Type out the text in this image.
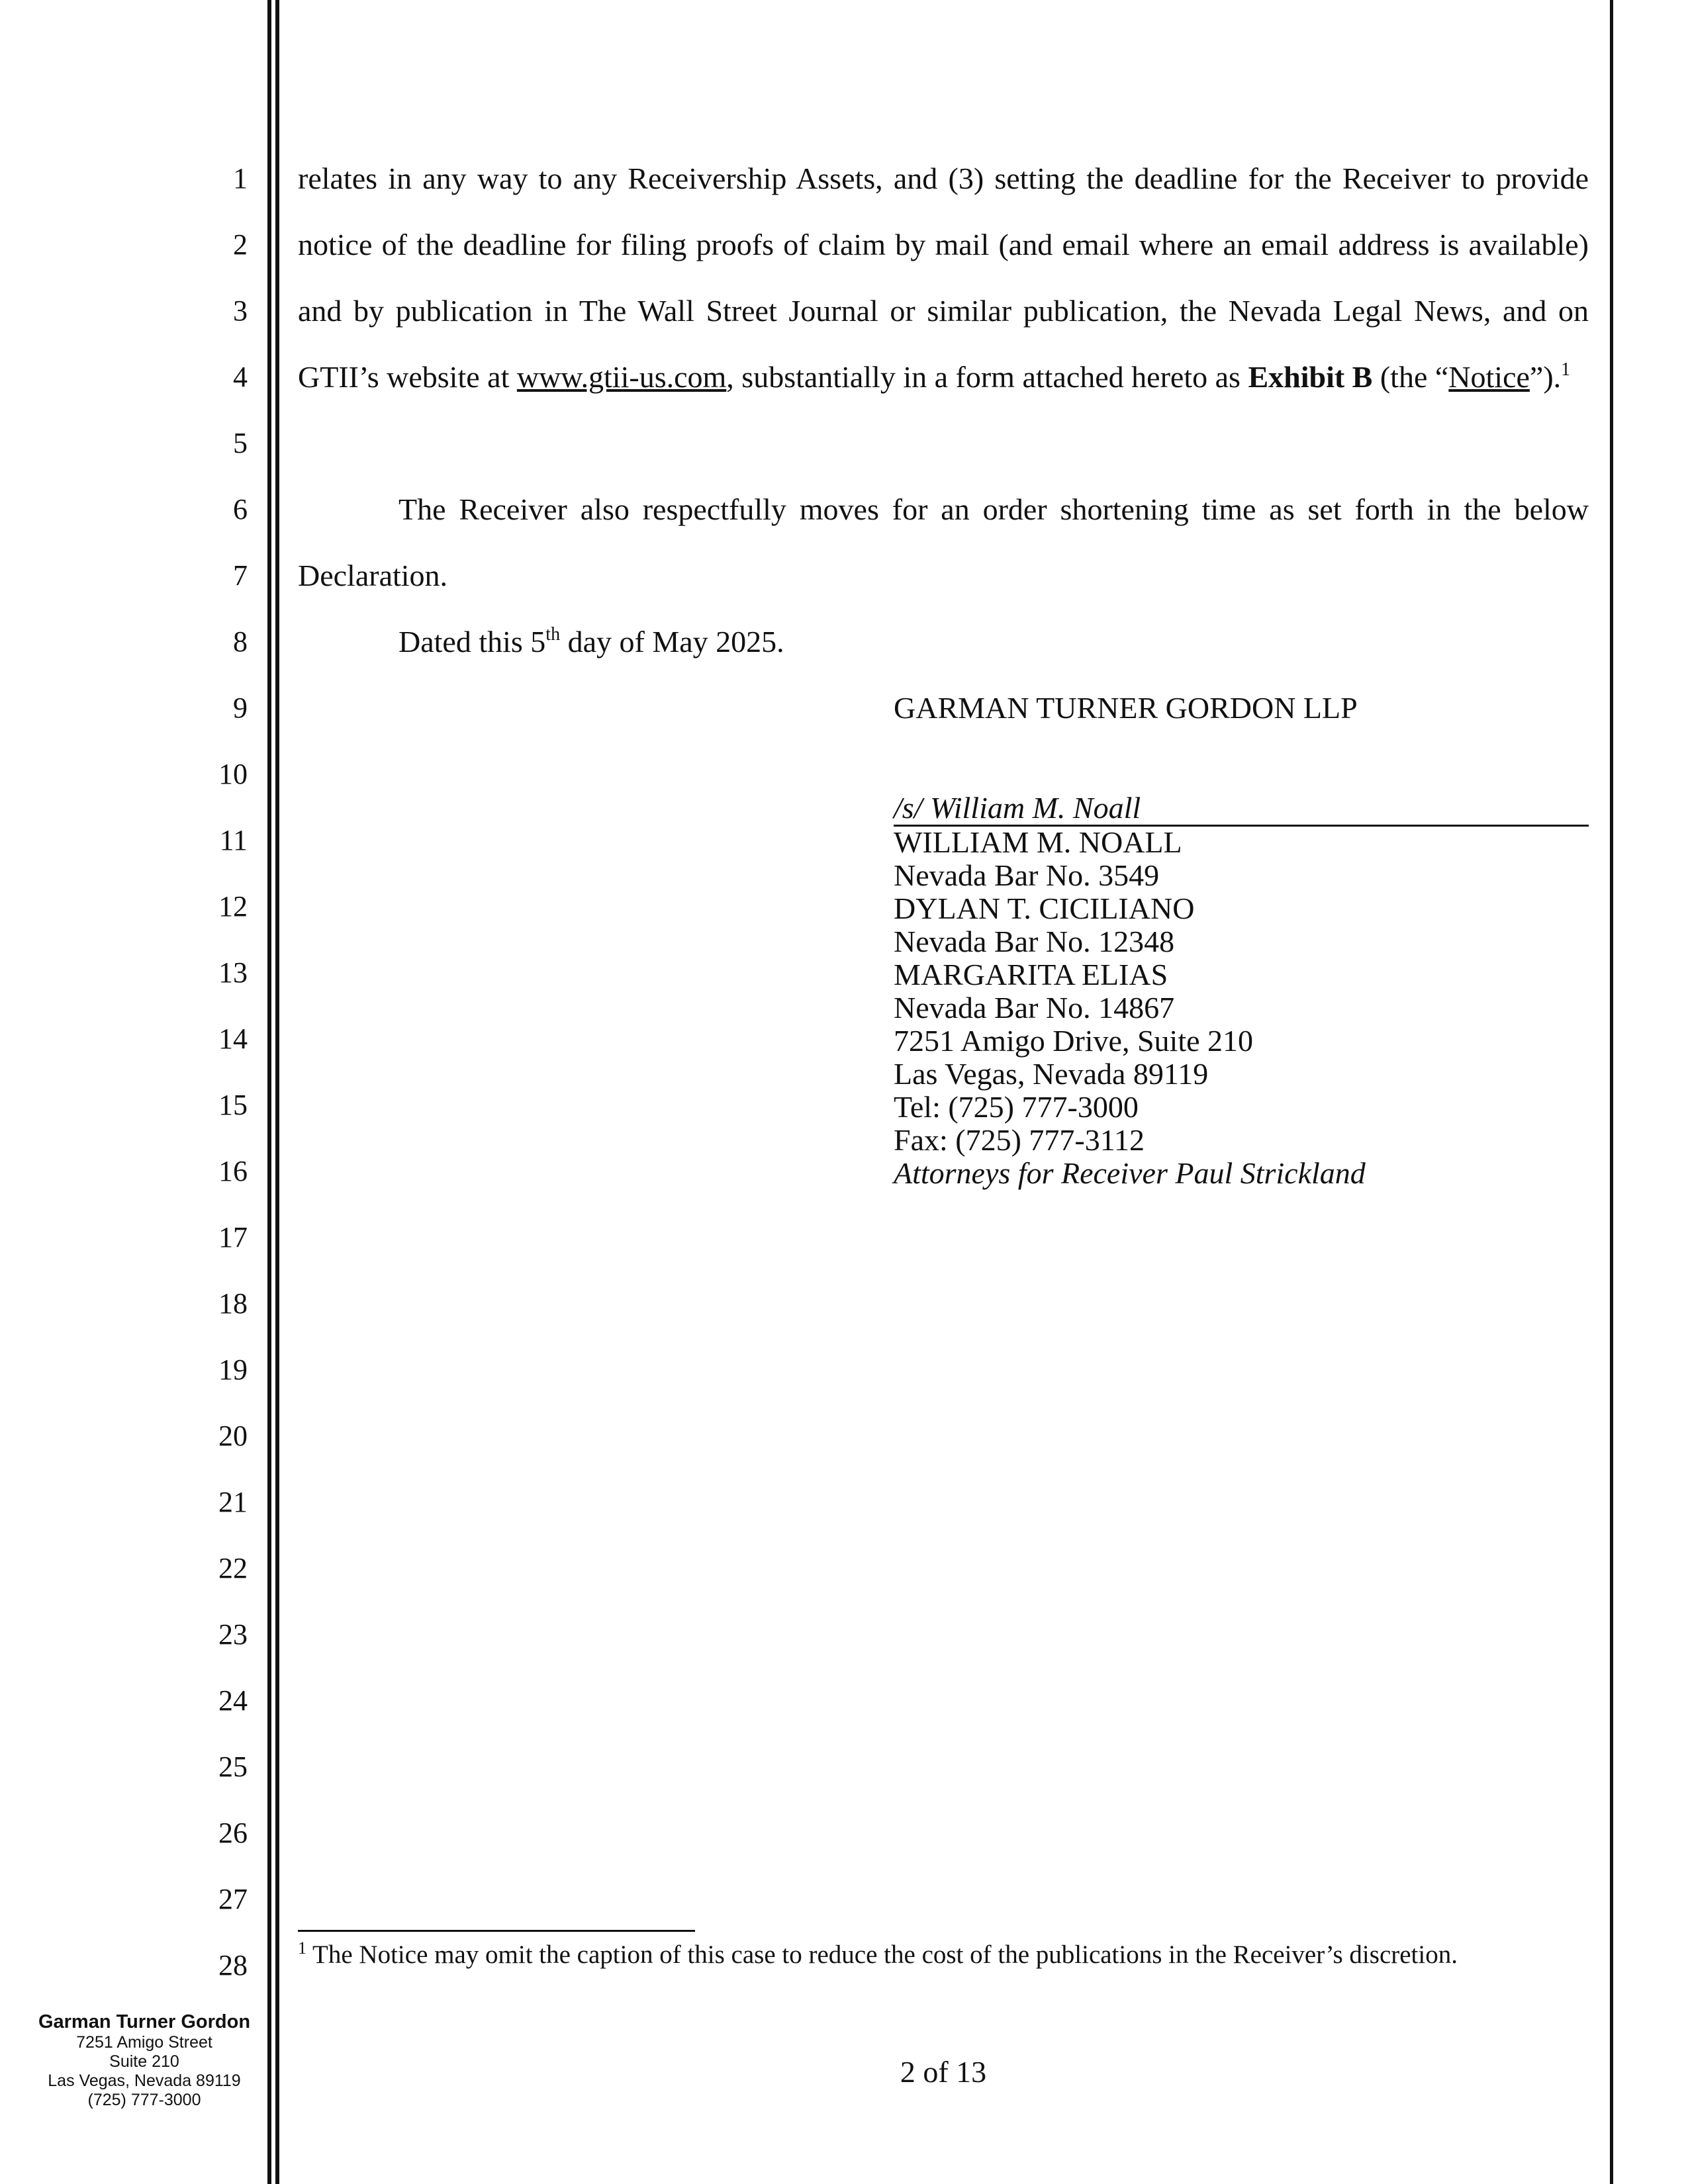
1
2
3
4
5
6
7
8
9
10
11
12
13
14
15
16
17
18
19
20
21
22
23
24
25
26
27
28

relates in any way to any Receivership Assets, and (3) setting the deadline for the Receiver to provide notice of the deadline for filing proofs of claim by mail (and email where an email address is available) and by publication in The Wall Street Journal or similar publication, the Nevada Legal News, and on GTII’s website at www.gtii-us.com, substantially in a form attached hereto as Exhibit B (the “Notice”).$^1$

The Receiver also respectfully moves for an order shortening time as set forth in the below Declaration.

Dated this 5th day of May 2025.

GARMAN TURNER GORDON LLP
/s/ William M. Noall
WILLIAM M. NOALL
Nevada Bar No. 3549
DYLAN T. CICILIANO
Nevada Bar No. 12348
MARGARITA ELIAS
Nevada Bar No. 14867
7251 Amigo Drive, Suite 210
Las Vegas, Nevada 89119
Tel: (725) 777-3000
Fax: (725) 777-3112
Attorneys for Receiver Paul Strickland
$^1$ The Notice may omit the caption of this case to reduce the cost of the publications in the Receiver’s discretion.
2 of 13
Garman Turner Gordon
7251 Amigo Street
Suite 210
Las Vegas, Nevada 89119
(725) 777-3000
